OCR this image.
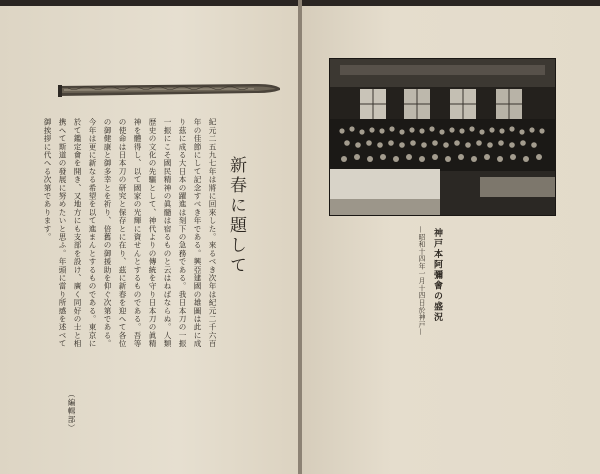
新春に題して
紀元二五九七年は將に回來した。來るべき次年は紀元二千六百年の佳節にして記念すべき年である。興亞建國の雄圖は此に成り茲に成る大日本の躍進は刻下の急務である。我日本刀の一振一振にこそ國民精神の眞髓は宿るものと云はねばならぬ。人類歴史の文化の先驅として、神代よりの傳統を守り日本刀の眞精神を體得し、以て國家の光輝に資せんとするものである。吾等の使命は日本刀の研究と保存とに在り、茲に新春を迎へて各位の御健康と御多幸とを祈り、倍舊の御援助を仰ぐ次第である。今年は更に新なる希望を以て進まんとするものである。東京に於て鑑定會を開き、又地方にも支部を設け、廣く同好の士と相携へて斯道の發展に努めたいと思ふ。年頭に當り所感を述べて御挨拶に代へる次第であります。
（編輯部）
神戸本阿彌會の盛況
—昭和十四年一月十四日於神戸—
